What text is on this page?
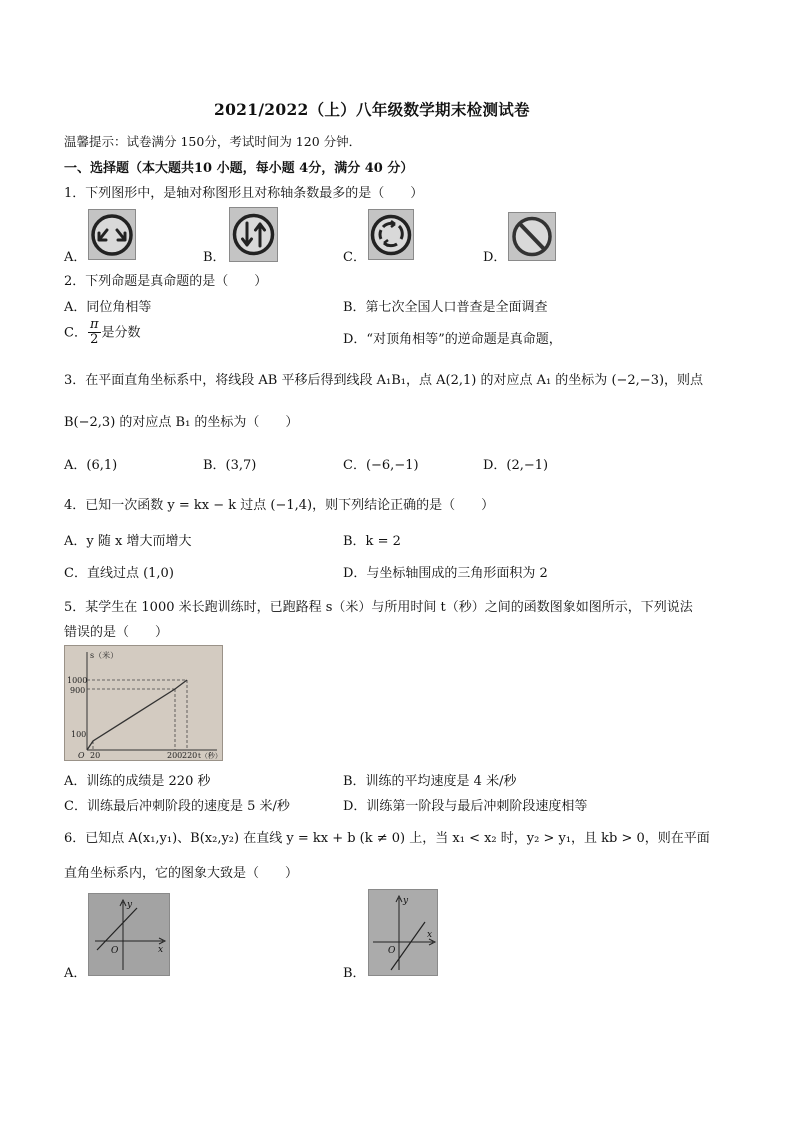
2021/2022（上）八年级数学期末检测试卷
温馨提示：试卷满分 150分，考试时间为 120 分钟．
一、选择题（本大题共10 小题，每小题 4分，满分 40 分）
1．下列图形中，是轴对称图形且对称轴条数最多的是（　　）
A．	B．	C．	D．
2．下列命题是真命题的是（　　）
A．同位角相等	B．第七次全国人口普查是全面调查
C． $\frac{\pi}{2}$ 是分数	D．“对顶角相等”的逆命题是真命题，
3．在平面直角坐标系中，将线段 AB 平移后得到线段 A₁B₁，点 A(2,1) 的对应点 A₁ 的坐标为 (−2,−3)，则点
B(−2,3) 的对应点 B₁ 的坐标为（　　）
A．(6,1)	B．(3,7)	C．(−6,−1)	D．(2,−1)
4．已知一次函数 y = kx − k 过点 (−1,4)，则下列结论正确的是（　　）
A．y 随 x 增大而增大	B．k = 2
C．直线过点 (1,0)	D．与坐标轴围成的三角形面积为 2
5．某学生在 1000 米长跑训练时，已跑路程 s（米）与所用时间 t（秒）之间的函数图象如图所示，下列说法
错误的是（　　）
s（米）
1000
900
100
O 20	200 220 t（秒）
A．训练的成绩是 220 秒	B．训练的平均速度是 4 米/秒
C．训练最后冲刺阶段的速度是 5 米/秒	D．训练第一阶段与最后冲刺阶段速度相等
6．已知点 A(x₁,y₁)、B(x₂,y₂) 在直线 y = kx + b (k ≠ 0) 上，当 x₁ < x₂ 时，y₂ > y₁，且 kb > 0，则在平面
直角坐标系内，它的图象大致是（　　）
A．
y
x
O
B．
y
x
O
